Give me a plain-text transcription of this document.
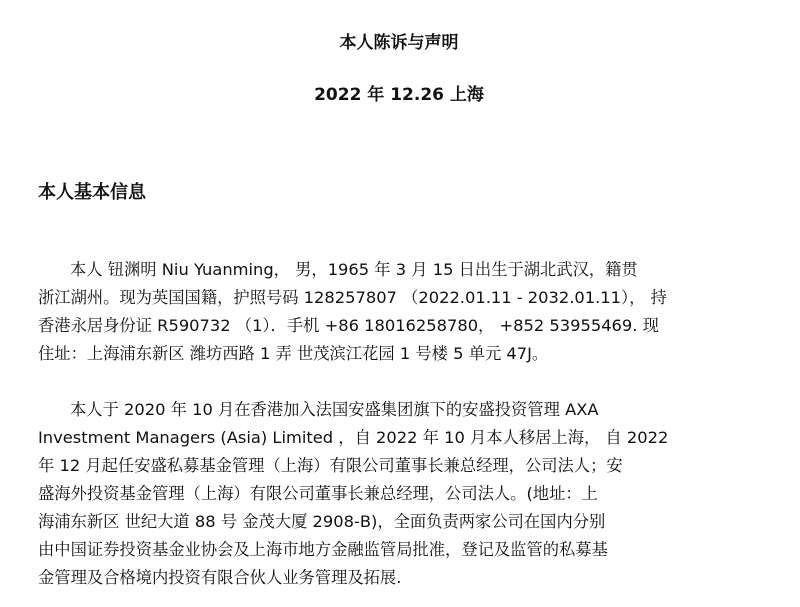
本人陈诉与声明

2022 年 12.26 上海

本人基本信息

本人 钮渊明 Niu Yuanming， 男，1965 年 3 月 15 日出生于湖北武汉，籍贯
浙江湖州。现为英国国籍，护照号码 128257807 （2022.01.11 - 2032.01.11）， 持
香港永居身份证 R590732 （1）．手机 +86 18016258780， +852 53955469. 现
住址：上海浦东新区 潍坊西路 1 弄 世茂滨江花园 1 号楼 5 单元 47J。

本人于 2020 年 10 月在香港加入法国安盛集团旗下的安盛投资管理 AXA
Investment Managers (Asia) Limited ，自 2022 年 10 月本人移居上海， 自 2022
年 12 月起任安盛私募基金管理（上海）有限公司董事长兼总经理，公司法人；安
盛海外投资基金管理（上海）有限公司董事长兼总经理，公司法人。(地址：上
海浦东新区 世纪大道 88 号 金茂大厦 2908-B)，全面负责两家公司在国内分别
由中国证券投资基金业协会及上海市地方金融监管局批准，登记及监管的私募基
金管理及合格境内投资有限合伙人业务管理及拓展.
